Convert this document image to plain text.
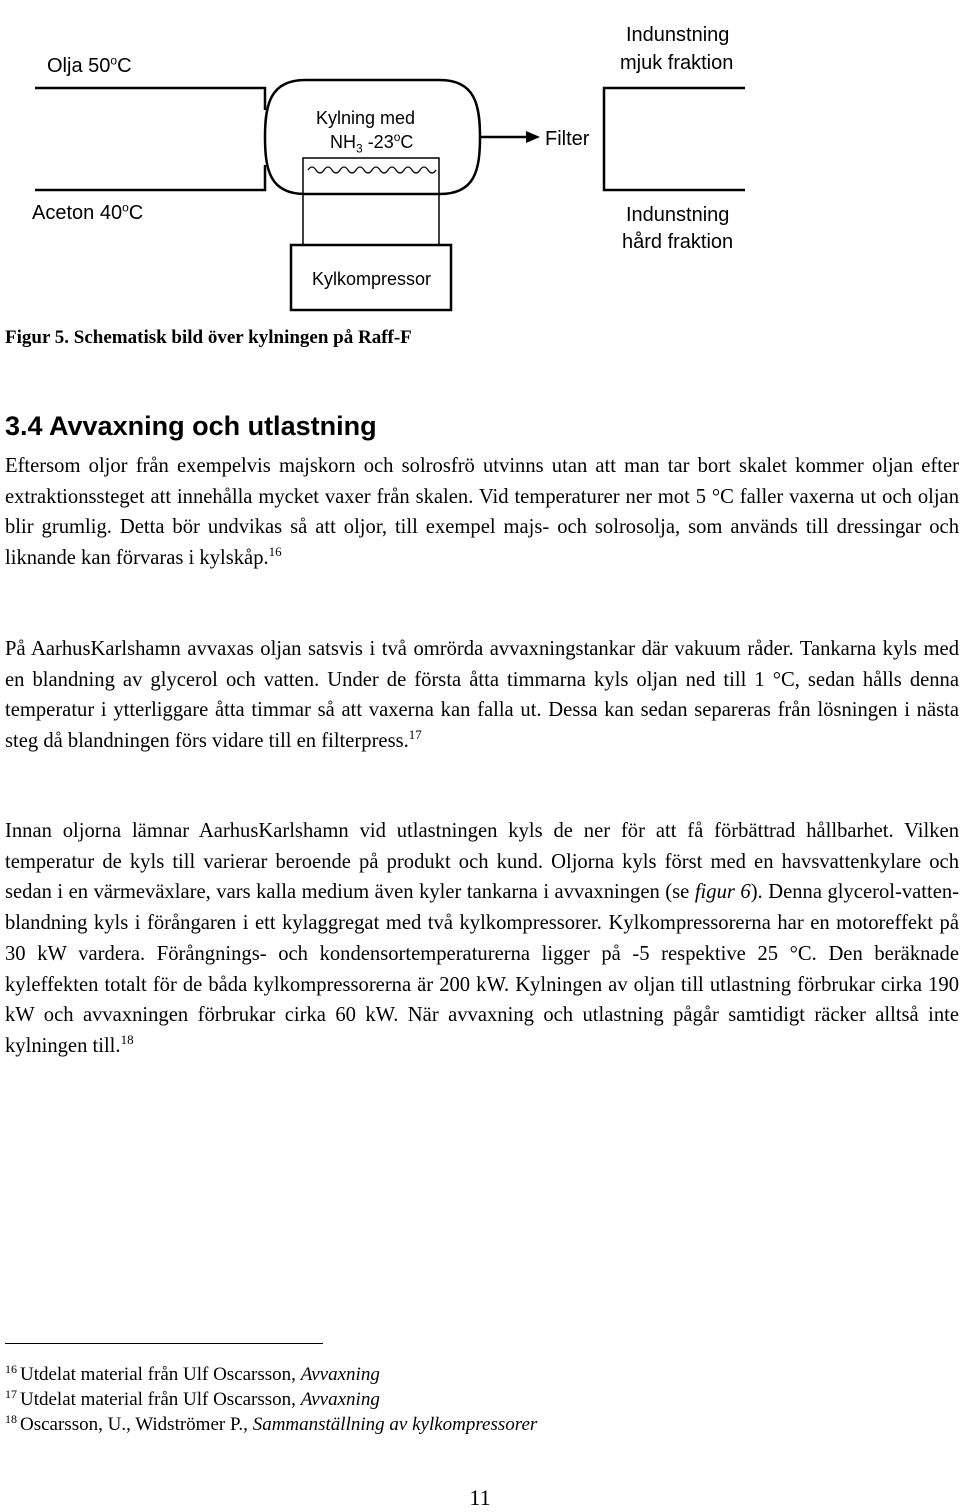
Olja 50$^o$C
Aceton 40$^o$C
Kylning med
$NH_3$ -23$^o$C	Filter
Indunstning
mjuk fraktion
Indunstning
hård fraktion
Kylkompressor
Figur 5. Schematisk bild över kylningen på Raff-F
3.4 Avvaxning och utlastning
Eftersom oljor från exempelvis majskorn och solrosfrö utvinns utan att man tar bort skalet kommer oljan efter extraktionssteget att innehålla mycket vaxer från skalen. Vid temperaturer ner mot 5 °C faller vaxerna ut och oljan blir grumlig. Detta bör undvikas så att oljor, till exempel majs- och solrosolja, som används till dressingar och liknande kan förvaras i kylskåp.$^{16}$
På AarhusKarlshamn avvaxas oljan satsvis i två omrörda avvaxningstankar där vakuum råder. Tankarna kyls med en blandning av glycerol och vatten. Under de första åtta timmarna kyls oljan ned till 1 °C, sedan hålls denna temperatur i ytterliggare åtta timmar så att vaxerna kan falla ut. Dessa kan sedan separeras från lösningen i nästa steg då blandningen förs vidare till en filterpress.$^{17}$
Innan oljorna lämnar AarhusKarlshamn vid utlastningen kyls de ner för att få förbättrad hållbarhet. Vilken temperatur de kyls till varierar beroende på produkt och kund. Oljorna kyls först med en havsvattenkylare och sedan i en värmeväxlare, vars kalla medium även kyler tankarna i avvaxningen (se figur 6). Denna glycerol-vatten-blandning kyls i förångaren i ett kylaggregat med två kylkompressorer. Kylkompressorerna har en motoreffekt på 30 kW vardera. Förångnings- och kondensortemperaturerna ligger på -5 respektive 25 °C. Den beräknade kyleffekten totalt för de båda kylkompressorerna är 200 kW. Kylningen av oljan till utlastning förbrukar cirka 190 kW och avvaxningen förbrukar cirka 60 kW. När avvaxning och utlastning pågår samtidigt räcker alltså inte kylningen till.$^{18}$
$^{16}$ Utdelat material från Ulf Oscarsson, Avvaxning
$^{17}$ Utdelat material från Ulf Oscarsson, Avvaxning
$^{18}$ Oscarsson, U., Widströmer P., Sammanställning av kylkompressorer
11
